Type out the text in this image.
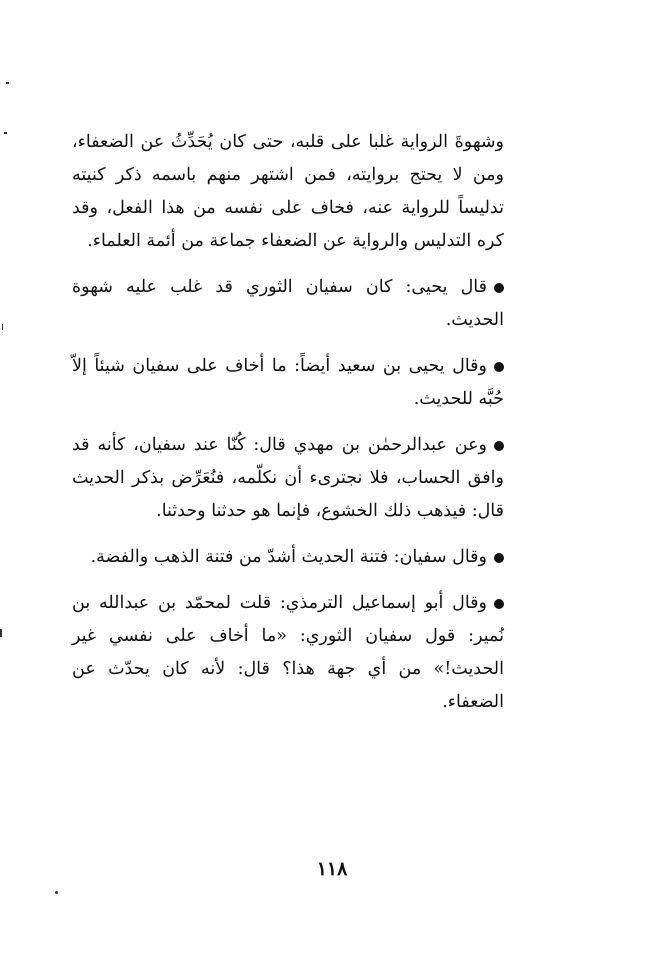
وشهوةَ الرواية غلبا على قلبه، حتى كان يُحَدِّثُ عن الضعفاء، ومن لا يحتج بروايته، فمن اشتهر منهم باسمه ذكر كنيته تدليساً للرواية عنه، فخاف على نفسه من هذا الفعل، وقد كره التدليس والرواية عن الضعفاء جماعة من أئمة العلماء.

قال يحيى: كان سفيان الثوري قد غلب عليه شهوة الحديث.

وقال يحيى بن سعيد أيضاً: ما أخاف على سفيان شيئاً إلاّ حُبَّه للحديث.

وعن عبدالرحمٰن بن مهدي قال: كُنّا عند سفيان، كأنه قد وافق الحساب، فلا نجترىء أن نكلّمه، فنُعَرِّض بذكر الحديث قال: فيذهب ذلك الخشوع، فإنما هو حدثنا وحدثنا.

وقال سفيان: فتنة الحديث أشدّ من فتنة الذهب والفضة.

وقال أبو إسماعيل الترمذي: قلت لمحمّد بن عبدالله بن نُمير: قول سفيان الثوري: «ما أخاف على نفسي غير الحديث!» من أي جهة هذا؟ قال: لأنه كان يحدّث عن الضعفاء.

١١٨
